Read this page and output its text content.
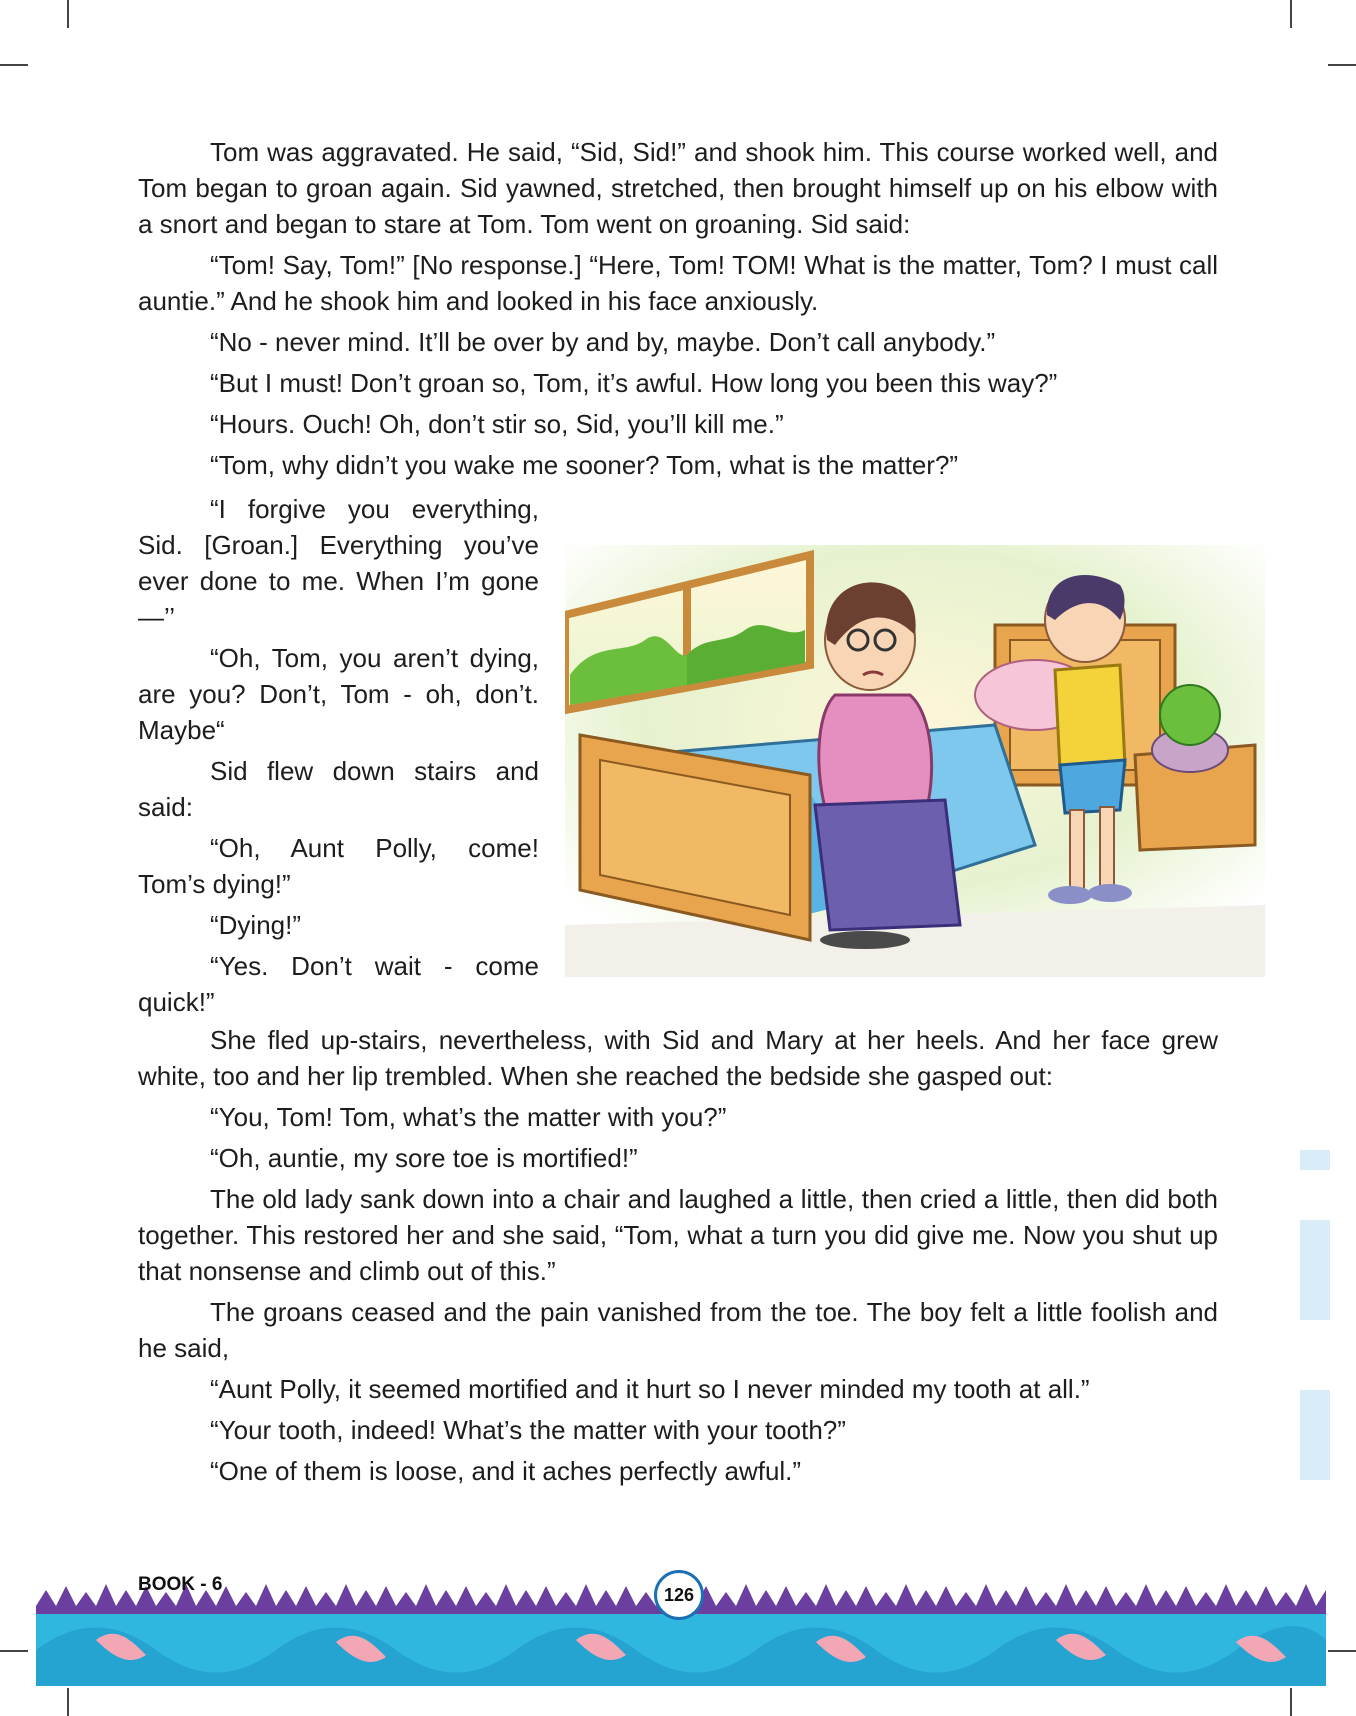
Tom was aggravated. He said, “Sid, Sid!” and shook him. This course worked well, and Tom began to groan again. Sid yawned, stretched, then brought himself up on his elbow with a snort and began to stare at Tom. Tom went on groaning. Sid said:

“Tom! Say, Tom!” [No response.] “Here, Tom! TOM! What is the matter, Tom? I must call auntie.” And he shook him and looked in his face anxiously.

“No - never mind. It’ll be over by and by, maybe. Don’t call anybody.”

“But I must! Don’t groan so, Tom, it’s awful. How long you been this way?”

“Hours. Ouch! Oh, don’t stir so, Sid, you’ll kill me.”

“Tom, why didn’t you wake me sooner? Tom, what is the matter?”

“I forgive you everything, Sid. [Groan.] Everything you’ve ever done to me. When I’m gone—’’

“Oh, Tom, you aren’t dying, are you? Don’t, Tom - oh, don’t. Maybe“

Sid flew down stairs and said:

“Oh, Aunt Polly, come! Tom’s dying!”

“Dying!”

“Yes. Don’t wait - come quick!”

She fled up-stairs, nevertheless, with Sid and Mary at her heels. And her face grew white, too and her lip trembled. When she reached the bedside she gasped out:

“You, Tom! Tom, what’s the matter with you?”

“Oh, auntie, my sore toe is mortified!”

The old lady sank down into a chair and laughed a little, then cried a little, then did both together. This restored her and she said, “Tom, what a turn you did give me. Now you shut up that nonsense and climb out of this.”

The groans ceased and the pain vanished from the toe. The boy felt a little foolish and he said,

“Aunt Polly, it seemed mortified and it hurt so I never minded my tooth at all.”

“Your tooth, indeed! What’s the matter with your tooth?”

“One of them is loose, and it aches perfectly awful.”

BOOK - 6	126
